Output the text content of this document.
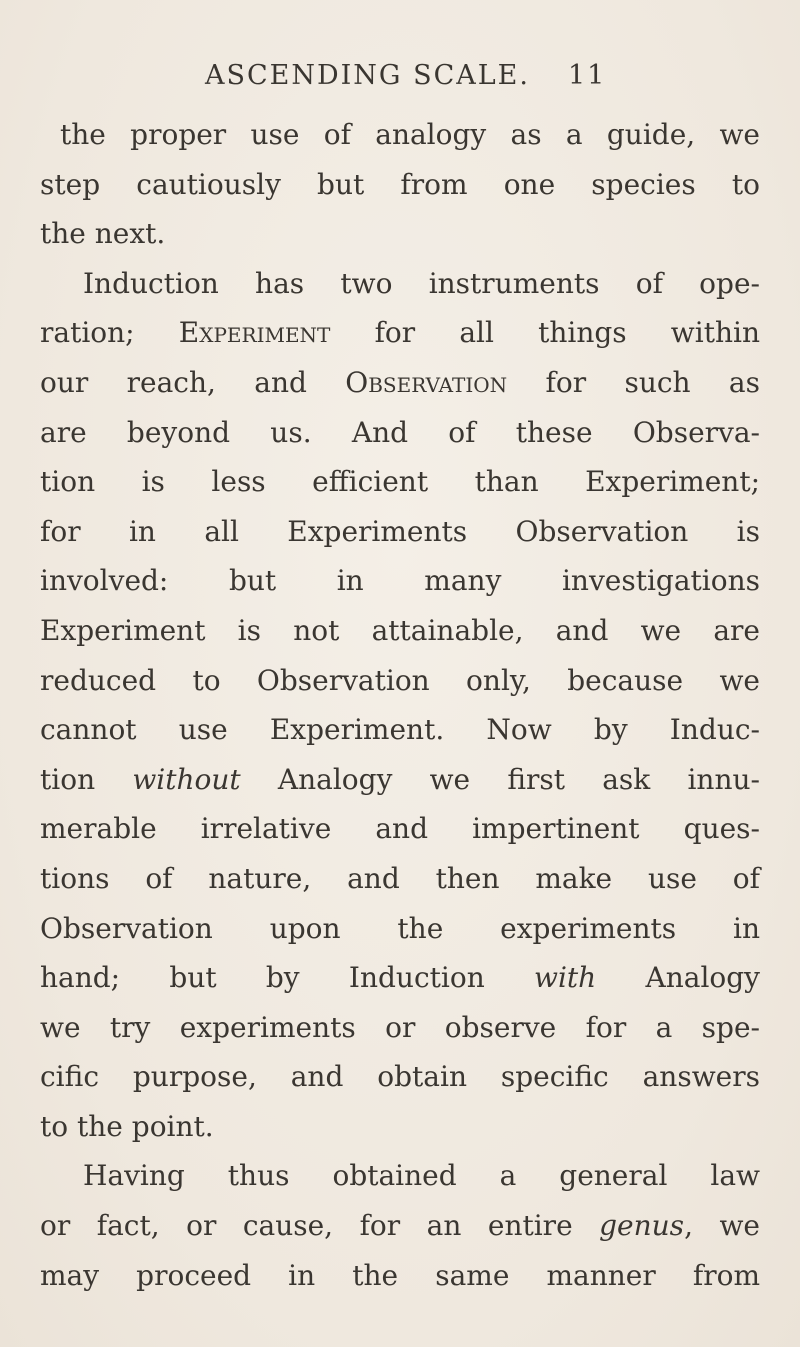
ASCENDING SCALE. 11
the proper use of analogy as a guide, we
step cautiously but from one species to
the next.
Induction has two instruments of ope-
ration; Experiment for all things within
our reach, and Observation for such as
are beyond us. And of these Observa-
tion is less efficient than Experiment;
for in all Experiments Observation is
involved: but in many investigations
Experiment is not attainable, and we are
reduced to Observation only, because we
cannot use Experiment. Now by Induc-
tion without Analogy we first ask innu-
merable irrelative and impertinent ques-
tions of nature, and then make use of
Observation upon the experiments in
hand; but by Induction with Analogy
we try experiments or observe for a spe-
cific purpose, and obtain specific answers
to the point.
Having thus obtained a general law
or fact, or cause, for an entire genus, we
may proceed in the same manner from
